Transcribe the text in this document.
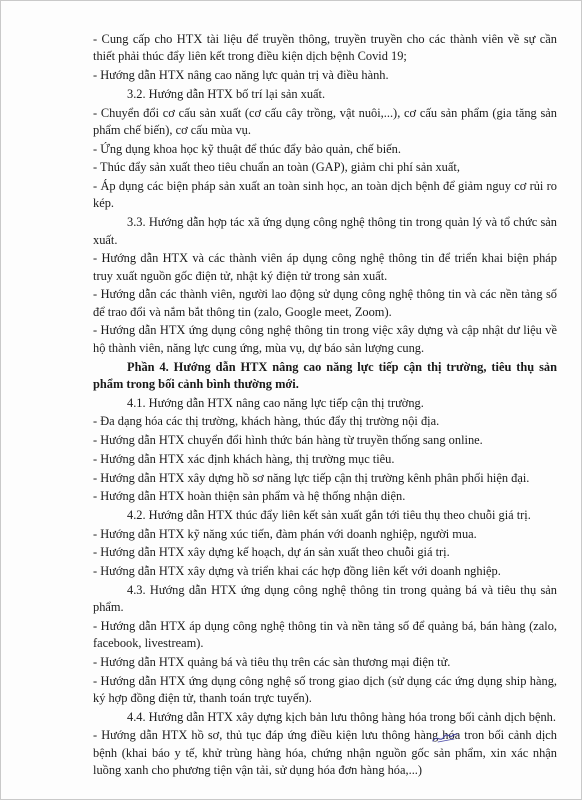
- Cung cấp cho HTX tài liệu để truyền thông, truyền truyền cho các thành viên về sự cần thiết phải thúc đẩy liên kết trong điều kiện dịch bệnh Covid 19;

- Hướng dẫn HTX nâng cao năng lực quản trị và điều hành.

3.2. Hướng dẫn HTX bố trí lại sản xuất.

- Chuyển đổi cơ cấu sản xuất (cơ cấu cây trồng, vật nuôi,...), cơ cấu sản phẩm (gia tăng sản phẩm chế biến), cơ cấu mùa vụ.

- Ứng dụng khoa học kỹ thuật để thúc đẩy bảo quản, chế biến.

- Thúc đẩy sản xuất theo tiêu chuẩn an toàn (GAP), giảm chi phí sản xuất,

- Áp dụng các biện pháp sản xuất an toàn sinh học, an toàn dịch bệnh để giảm nguy cơ rủi ro kép.

3.3. Hướng dẫn hợp tác xã ứng dụng công nghệ thông tin trong quản lý và tổ chức sản xuất.

- Hướng dẫn HTX và các thành viên áp dụng công nghệ thông tin để triển khai biện pháp truy xuất nguồn gốc điện tử, nhật ký điện tử trong sản xuất.

- Hướng dẫn các thành viên, người lao động sử dụng công nghệ thông tin và các nền tảng số để trao đổi và nắm bắt thông tin (zalo, Google meet, Zoom).

- Hướng dẫn HTX ứng dụng công nghệ thông tin trong việc xây dựng và cập nhật dư liệu về hộ thành viên, năng lực cung ứng, mùa vụ, dự báo sản lượng cung.

Phần 4. Hướng dẫn HTX nâng cao năng lực tiếp cận thị trường, tiêu thụ sản phẩm trong bối cảnh bình thường mới.

4.1. Hướng dẫn HTX nâng cao năng lực tiếp cận thị trường.

- Đa dạng hóa các thị trường, khách hàng, thúc đẩy thị trường nội địa.

- Hướng dẫn HTX chuyển đổi hình thức bán hàng từ truyền thống sang online.

- Hướng dẫn HTX xác định khách hàng, thị trường mục tiêu.

- Hướng dẫn HTX xây dựng hồ sơ năng lực tiếp cận thị trường kênh phân phối hiện đại.

- Hướng dẫn HTX hoàn thiện sản phẩm và hệ thống nhận diện.

4.2. Hướng dẫn HTX thúc đẩy liên kết sản xuất gắn tới tiêu thụ theo chuỗi giá trị.

- Hướng dẫn HTX kỹ năng xúc tiến, đàm phán với doanh nghiệp, người mua.

- Hướng dẫn HTX xây dựng kế hoạch, dự án sản xuất theo chuỗi giá trị.

- Hướng dẫn HTX xây dựng và triển khai các hợp đồng liên kết với doanh nghiệp.

4.3. Hướng dẫn HTX ứng dụng công nghệ thông tin trong quảng bá và tiêu thụ sản phẩm.

- Hướng dẫn HTX áp dụng công nghệ thông tin và nền tảng số để quảng bá, bán hàng (zalo, facebook, livestream).

- Hướng dẫn HTX quảng bá và tiêu thụ trên các sàn thương mại điện tử.

- Hướng dẫn HTX ứng dụng công nghệ số trong giao dịch (sử dụng các ứng dụng ship hàng, ký hợp đồng điện tử, thanh toán trực tuyến).

4.4. Hướng dẫn HTX xây dựng kịch bản lưu thông hàng hóa trong bối cảnh dịch bệnh.

- Hướng dẫn HTX hồ sơ, thủ tục đáp ứng điều kiện lưu thông hàng hóa tron bối cảnh dịch bệnh (khai báo y tế, khử trùng hàng hóa, chứng nhận nguồn gốc sản phẩm, xin xác nhận luồng xanh cho phương tiện vận tải, sử dụng hóa đơn hàng hóa,...)
